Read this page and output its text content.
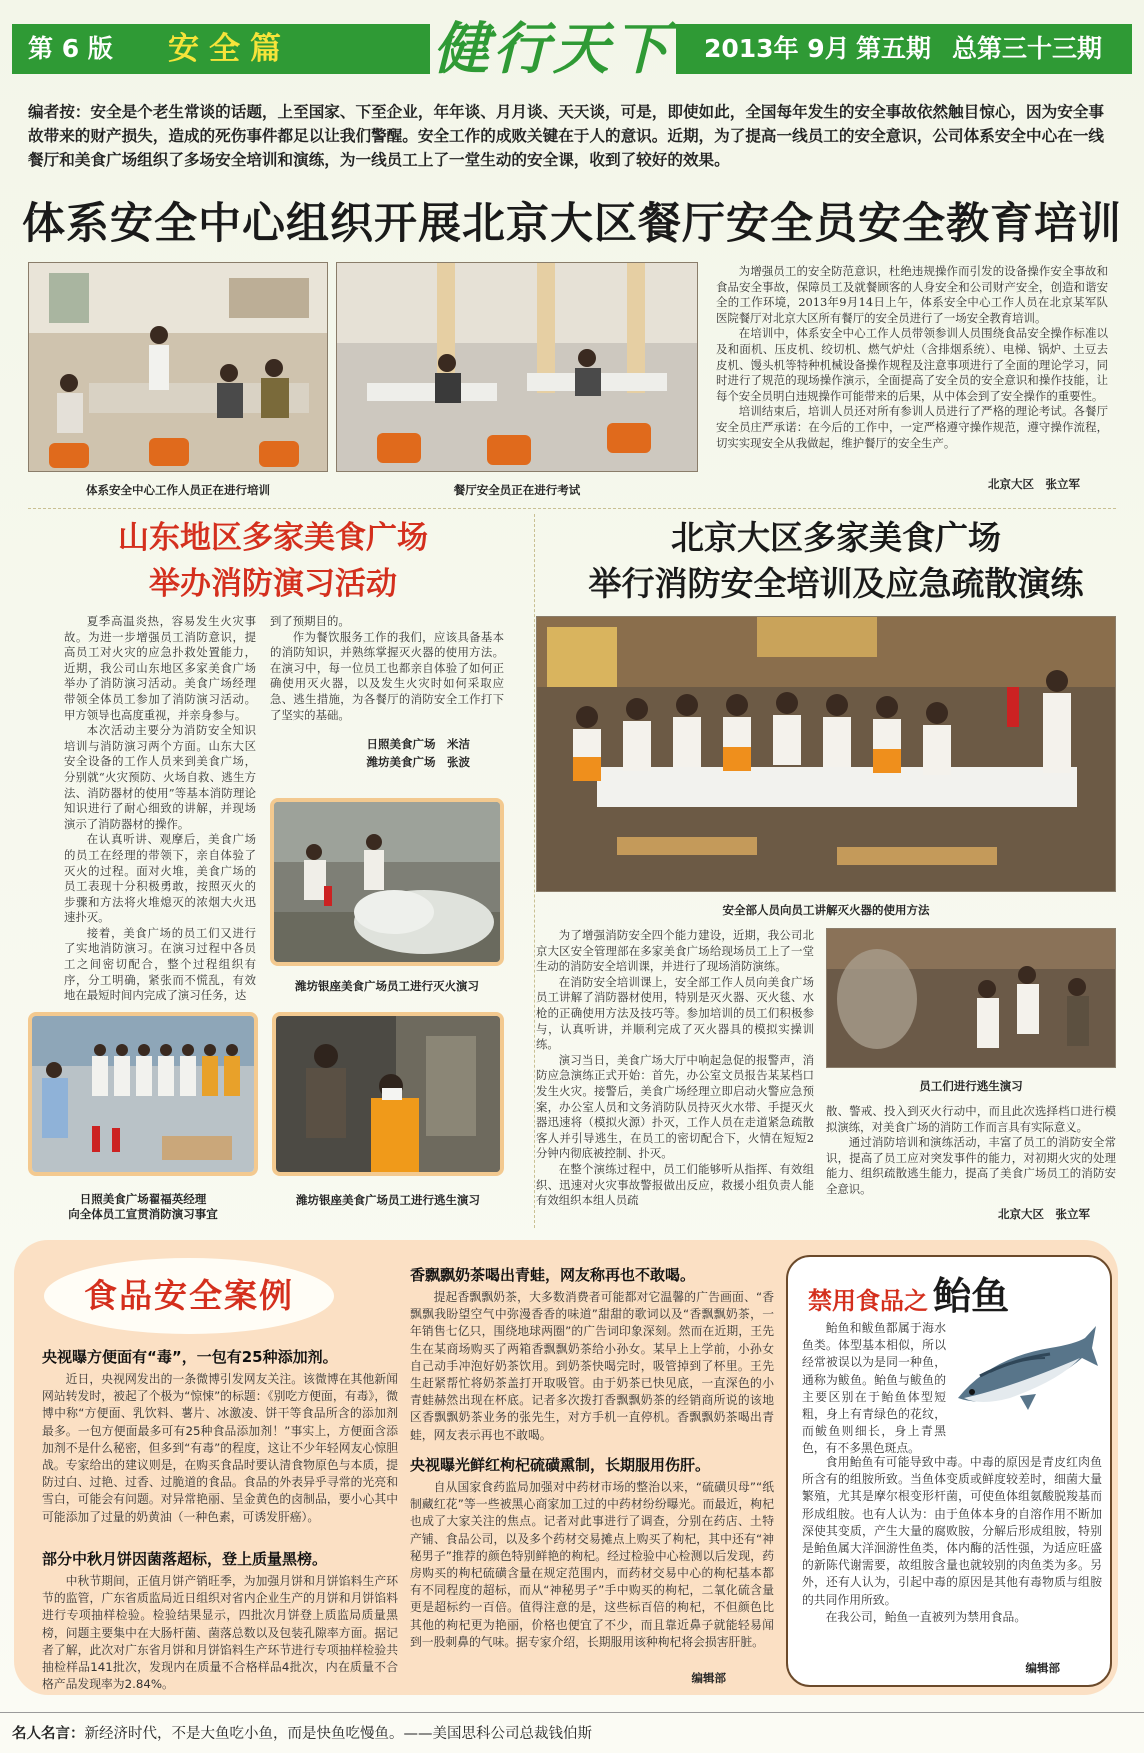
第 6 版 安全篇	健行天下 2013年 9月 第五期 总第三十三期
编者按：安全是个老生常谈的话题，上至国家、下至企业，年年谈、月月谈、天天谈，可是，即使如此，全国每年发生的安全事故依然触目惊心，因为安全事故带来的财产损失，造成的死伤事件都足以让我们警醒。安全工作的成败关键在于人的意识。近期，为了提高一线员工的安全意识，公司体系安全中心在一线餐厅和美食广场组织了多场安全培训和演练，为一线员工上了一堂生动的安全课，收到了较好的效果。
体系安全中心组织开展北京大区餐厅安全员安全教育培训
体系安全中心工作人员正在进行培训	餐厅安全员正在进行考试

为增强员工的安全防范意识，杜绝违规操作而引发的设备操作安全事故和食品安全事故，保障员工及就餐顾客的人身安全和公司财产安全，创造和谐安全的工作环境，2013年9月14日上午，体系安全中心工作人员在北京某军队医院餐厅对北京大区所有餐厅的安全员进行了一场安全教育培训。

在培训中，体系安全中心工作人员带领参训人员围绕食品安全操作标准以及和面机、压皮机、绞切机、燃气炉灶（含排烟系统）、电梯、锅炉、土豆去皮机、馒头机等特种机械设备操作规程及注意事项进行了全面的理论学习，同时进行了规范的现场操作演示，全面提高了安全员的安全意识和操作技能，让每个安全员明白违规操作可能带来的后果，从中体会到了安全操作的重要性。

培训结束后，培训人员还对所有参训人员进行了严格的理论考试。各餐厅安全员庄严承诺：在今后的工作中，一定严格遵守操作规范，遵守操作流程，切实实现安全从我做起，维护餐厅的安全生产。

北京大区　张立军
山东地区多家美食广场
举办消防演习活动

夏季高温炎热，容易发生火灾事故。为进一步增强员工消防意识，提高员工对火灾的应急扑救处置能力，近期，我公司山东地区多家美食广场举办了消防演习活动。美食广场经理带领全体员工参加了消防演习活动。甲方领导也高度重视，并亲身参与。

本次活动主要分为消防安全知识培训与消防演习两个方面。山东大区安全设备的工作人员来到美食广场，分别就“火灾预防、火场自救、逃生方法、消防器材的使用”等基本消防理论知识进行了耐心细致的讲解，并现场演示了消防器材的操作。

在认真听讲、观摩后，美食广场的员工在经理的带领下，亲自体验了灭火的过程。面对火堆，美食广场的员工表现十分积极勇敢，按照灭火的步骤和方法将火堆熄灭的浓烟大火迅速扑灭。

接着，美食广场的员工们又进行了实地消防演习。在演习过程中各员工之间密切配合，整个过程组织有序，分工明确，紧张而不慌乱，有效地在最短时间内完成了演习任务，达

到了预期目的。

作为餐饮服务工作的我们，应该具备基本的消防知识，并熟练掌握灭火器的使用方法。在演习中，每一位员工也都亲自体验了如何正确使用灭火器，以及发生火灾时如何采取应急、逃生措施，为各餐厅的消防安全工作打下了坚实的基础。

日照美食广场　米洁
潍坊美食广场　张波
潍坊银座美食广场员工进行灭火演习
日照美食广场翟福英经理
向全体员工宣贯消防演习事宜
潍坊银座美食广场员工进行逃生演习
北京大区多家美食广场
举行消防安全培训及应急疏散演练
安全部人员向员工讲解灭火器的使用方法

为了增强消防安全四个能力建设，近期，我公司北京大区安全管理部在多家美食广场给现场员工上了一堂生动的消防安全培训课，并进行了现场消防演练。

在消防安全培训课上，安全部工作人员向美食广场员工讲解了消防器材使用，特别是灭火器、灭火毯、水枪的正确使用方法及技巧等。参加培训的员工们积极参与，认真听讲，并顺利完成了灭火器具的模拟实操训练。

演习当日，美食广场大厅中响起急促的报警声，消防应急演练正式开始：首先，办公室文员报告某某档口发生火灾。接警后，美食广场经理立即启动火警应急预案，办公室人员和文务消防队员持灭火水带、手提灭火器迅速将（模拟火源）扑灭，工作人员在走道紧急疏散客人并引导逃生，在员工的密切配合下，火情在短短2分钟内彻底被控制、扑灭。

在整个演练过程中，员工们能够听从指挥、有效组织、迅速对火灾事故警报做出反应，救援小组负责人能有效组织本组人员疏

员工们进行逃生演习

散、警戒、投入到灭火行动中，而且此次选择档口进行模拟演练，对美食广场的消防工作而言具有实际意义。

通过消防培训和演练活动，丰富了员工的消防安全常识，提高了员工应对突发事件的能力，对初期火灾的处理能力、组织疏散逃生能力，提高了美食广场员工的消防安全意识。

北京大区　张立军
食品安全案例
央视曝方便面有“毒”，一包有25种添加剂。

近日，央视网发出的一条微博引发网友关注。该微博在其他新闻网站转发时，被起了个极为“惊悚”的标题：《别吃方便面，有毒》，微博中称“方便面、乳饮料、薯片、冰激凌、饼干等食品所含的添加剂最多。一包方便面最多可有25种食品添加剂！”事实上，方便面含添加剂不是什么秘密，但多到“有毒”的程度，这让不少年轻网友心惊胆战。专家给出的建议则是，在购买食品时要认清食物原色与本质，提防过白、过艳、过香、过脆道的食品。食品的外表异乎寻常的光亮和雪白，可能会有问题。对异常艳丽、呈金黄色的卤制品，要小心其中可能添加了过量的奶黄油（一种色素，可诱发肝癌）。

部分中秋月饼因菌落超标，登上质量黑榜。

中秋节期间，正值月饼产销旺季，为加强月饼和月饼馅料生产环节的监管，广东省质监局近日组织对省内企业生产的月饼和月饼馅料进行专项抽样检验。检验结果显示，四批次月饼登上质监局质量黑榜，问题主要集中在大肠杆菌、菌落总数以及包装孔隙率方面。据记者了解，此次对广东省月饼和月饼馅料生产环节进行专项抽样检验共抽检样品141批次，发现内在质量不合格样品4批次，内在质量不合格产品发现率为2.84%。

香飘飘奶茶喝出青蛙，网友称再也不敢喝。

提起香飘飘奶茶，大多数消费者可能都对它温馨的广告画面、“香飘飘我盼望空气中弥漫香香的味道”甜甜的歌词以及“香飘飘奶茶，一年销售七亿只，围绕地球两圈”的广告词印象深刻。然而在近期，王先生在某商场购买了两箱香飘飘奶茶给小孙女。某早上上学前，小孙女自己动手冲泡好奶茶饮用。到奶茶快喝完时，吸管掉到了杯里。王先生赶紧帮忙将奶茶盖打开取吸管。由于奶茶已快见底，一直深色的小青蛙赫然出现在杯底。记者多次拨打香飘飘奶茶的经销商所说的该地区香飘飘奶茶业务的张先生，对方手机一直停机。香飘飘奶茶喝出青蛙，网友表示再也不敢喝。

央视曝光鲜红枸杞硫磺熏制，长期服用伤肝。

自从国家食药监局加强对中药材市场的整治以来，“硫磺贝母”“纸制藏红花”等一些被黑心商家加工过的中药材纷纷曝光。而最近，枸杞也成了大家关注的焦点。记者对此事进行了调查，分别在药店、土特产铺、食品公司，以及多个药材交易摊点上购买了枸杞，其中还有“神秘男子”推荐的颜色特别鲜艳的枸杞。经过检验中心检测以后发现，药房购买的枸杞硫磺含量在规定范围内，而药材交易中心的枸杞基本都有不同程度的超标，而从“神秘男子”手中购买的枸杞，二氧化硫含量更是超标约一百倍。值得注意的是，这些标百倍的枸杞，不但颜色比其他的枸杞更为艳丽，价格也便宜了不少，而且靠近鼻子就能轻易闻到一股刺鼻的气味。据专家介绍，长期服用该种枸杞将会损害肝脏。

编辑部
禁用食品之 鲐鱼

鲐鱼和鲅鱼都属于海水鱼类。体型基本相似，所以经常被误以为是同一种鱼，通称为鲅鱼。鲐鱼与鲅鱼的主要区别在于鲐鱼体型短粗，身上有青绿色的花纹，而鲅鱼则细长，身上青黑色，有不多黑色斑点。

食用鲐鱼有可能导致中毒。中毒的原因是青皮红肉鱼所含有的组胺所致。当鱼体变质或鲜度较差时，细菌大量繁殖，尤其是摩尔根变形杆菌，可使鱼体组氨酸脱羧基而形成组胺。也有人认为：由于鱼体本身的自溶作用不断加深使其变质，产生大量的腐败胺，分解后形成组胺，特别是鲐鱼属大洋洄游性鱼类，体内酶的活性强，为适应旺盛的新陈代谢需要，故组胺含量也就较别的肉鱼类为多。另外，还有人认为，引起中毒的原因是其他有毒物质与组胺的共同作用所致。

在我公司，鲐鱼一直被列为禁用食品。

编辑部
名人名言：新经济时代，不是大鱼吃小鱼，而是快鱼吃慢鱼。——美国思科公司总裁钱伯斯
